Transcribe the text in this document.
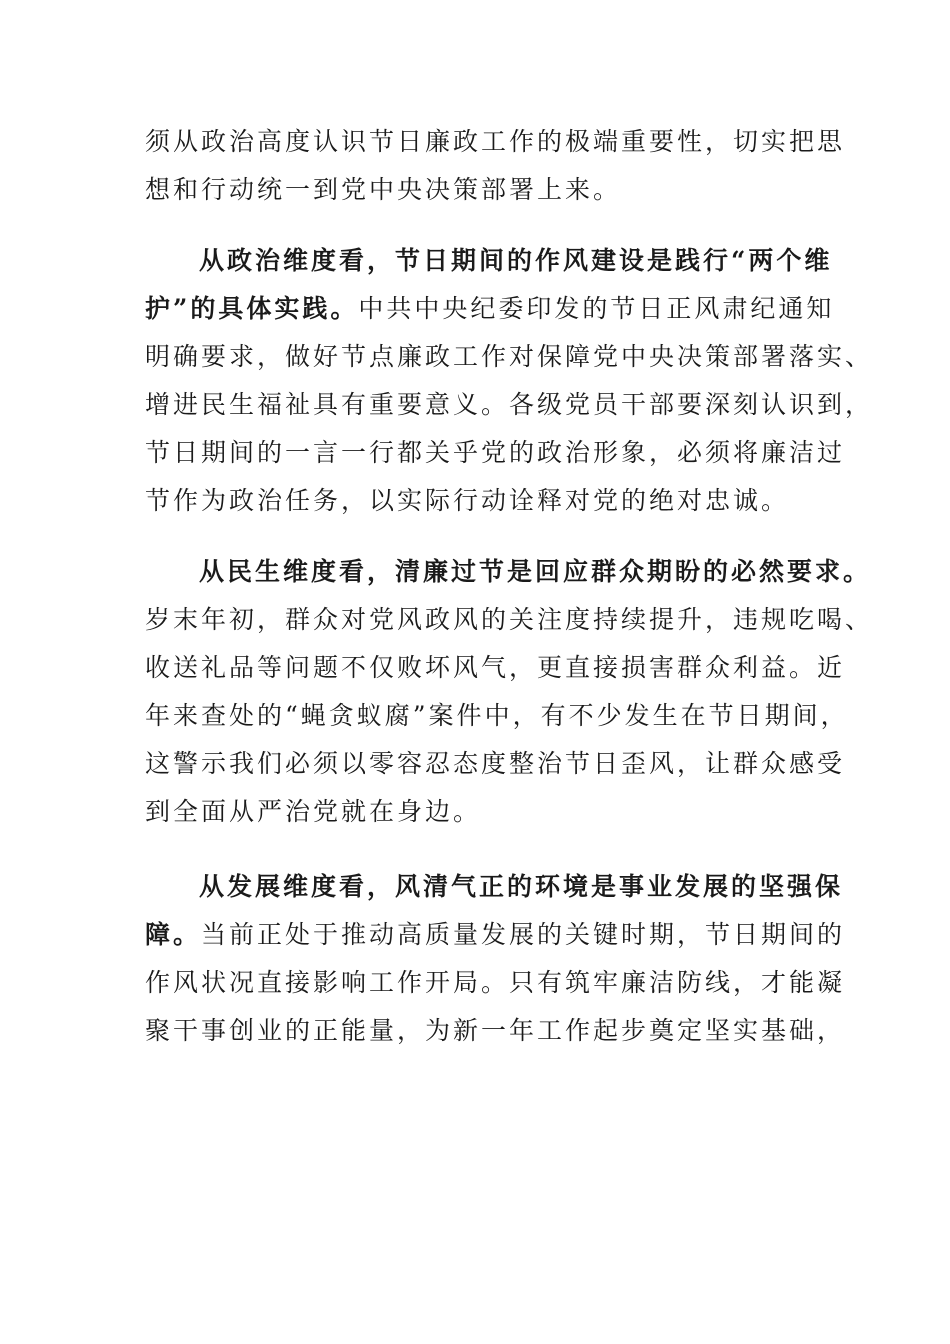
须从政治高度认识节日廉政工作的极端重要性，切实把思
想和行动统一到党中央决策部署上来。
从政治维度看，节日期间的作风建设是践行“两个维
护”的具体实践。中共中央纪委印发的节日正风肃纪通知
明确要求，做好节点廉政工作对保障党中央决策部署落实、
增进民生福祉具有重要意义。各级党员干部要深刻认识到，
节日期间的一言一行都关乎党的政治形象，必须将廉洁过
节作为政治任务，以实际行动诠释对党的绝对忠诚。
从民生维度看，清廉过节是回应群众期盼的必然要求。
岁末年初，群众对党风政风的关注度持续提升，违规吃喝、
收送礼品等问题不仅败坏风气，更直接损害群众利益。近
年来查处的“蝇贪蚁腐”案件中，有不少发生在节日期间，
这警示我们必须以零容忍态度整治节日歪风，让群众感受
到全面从严治党就在身边。
从发展维度看，风清气正的环境是事业发展的坚强保
障。当前正处于推动高质量发展的关键时期，节日期间的
作风状况直接影响工作开局。只有筑牢廉洁防线，才能凝
聚干事创业的正能量，为新一年工作起步奠定坚实基础，
